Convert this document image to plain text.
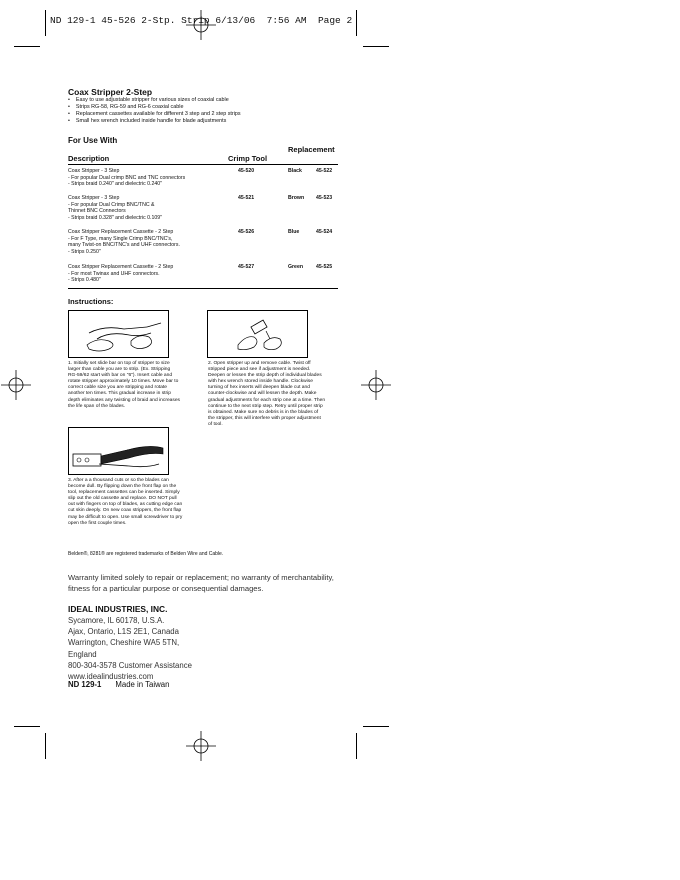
ND 129-1 45-526 2-Stp. Strip 6/13/06  7:56 AM  Page 2
Coax Stripper 2-Step
• Easy to use adjustable stripper for various sizes of coaxial cable
• Strips RG-58, RG-59 and RG-6 coaxial cable
• Replacement cassettes available for different 3 step and 2 step strips
• Small hex wrench included inside handle for blade adjustments
For Use With
Description	Crimp Tool
Replacement
Coax Stripper - 3 Step
- For popular Dual crimp BNC and TNC connectors
- Strips braid 0.240" and dielectric 0.240"
45-520	Black	45-522
Coax Stripper - 3 Step
- For popular Dual Crimp BNC/TNC &
Thinnet BNC Connectors
- Strips braid 0.328" and dielectric 0.109"
45-521	Brown 45-523
Coax Stripper Replacement Cassette - 2 Step
- For F Type, many Single Crimp BNC/TNC's,
many Twist-on BNC/TNC's and UHF connectors.
- Strips 0.250"
45-526	Blue	45-524
Coax Stripper Replacement Cassette - 2 Step
- For most Twinax and UHF connectors.
- Strips 0.480"
45-527	Green	45-525
Instructions:
1. Initially set slide bar on top of stripper to size
larger than cable you are to strip. (Ex. Stripping
RG-59/62 start with bar on "6"). Insert cable and
rotate stripper approximately 10 times. Move bar to
correct cable size you are stripping and rotate
another ten times. This gradual increase in strip
depth eliminates any twisting of braid and increases
the life span of the blades.
2. Open stripper up and remove cable. Twist off
stripped piece and see if adjustment is needed.
Deepen or lessen the strip depth of individual blades
with hex wrench stored inside handle. Clockwise
turning of hex inserts will deepen blade cut and
counter-clockwise and will lessen the depth. Make
gradual adjustments for each strip one at a time. Then
continue to the next strip step. Retry until proper strip
is obtained. Make sure no debris is in the blades of
the stripper, this will interfere with proper adjustment
of tool.
3. After a a thousand cuts or so the blades can
become dull. By flipping down the front flap on the
tool, replacement cassettes can be inserted. Simply
slip out the old cassette and replace. DO NOT pull
out with fingers on top of blades, as cutting edge can
cut skin deeply. On new coax strippers, the front flap
may be difficult to open. Use small screwdriver to pry
open the first couple times.
Belden®, 8281® are registered trademarks of Belden Wire and Cable.
Warranty limited solely to repair or replacement; no warranty of merchantability, fitness for a particular purpose or consequential damages.
IDEAL INDUSTRIES, INC.
Sycamore, IL 60178, U.S.A.
Ajax, Ontario, L1S 2E1, Canada
Warrington, Cheshire WA5 5TN,
England
800-304-3578 Customer Assistance
www.idealindustries.com
ND 129-1 Made in Taiwan
